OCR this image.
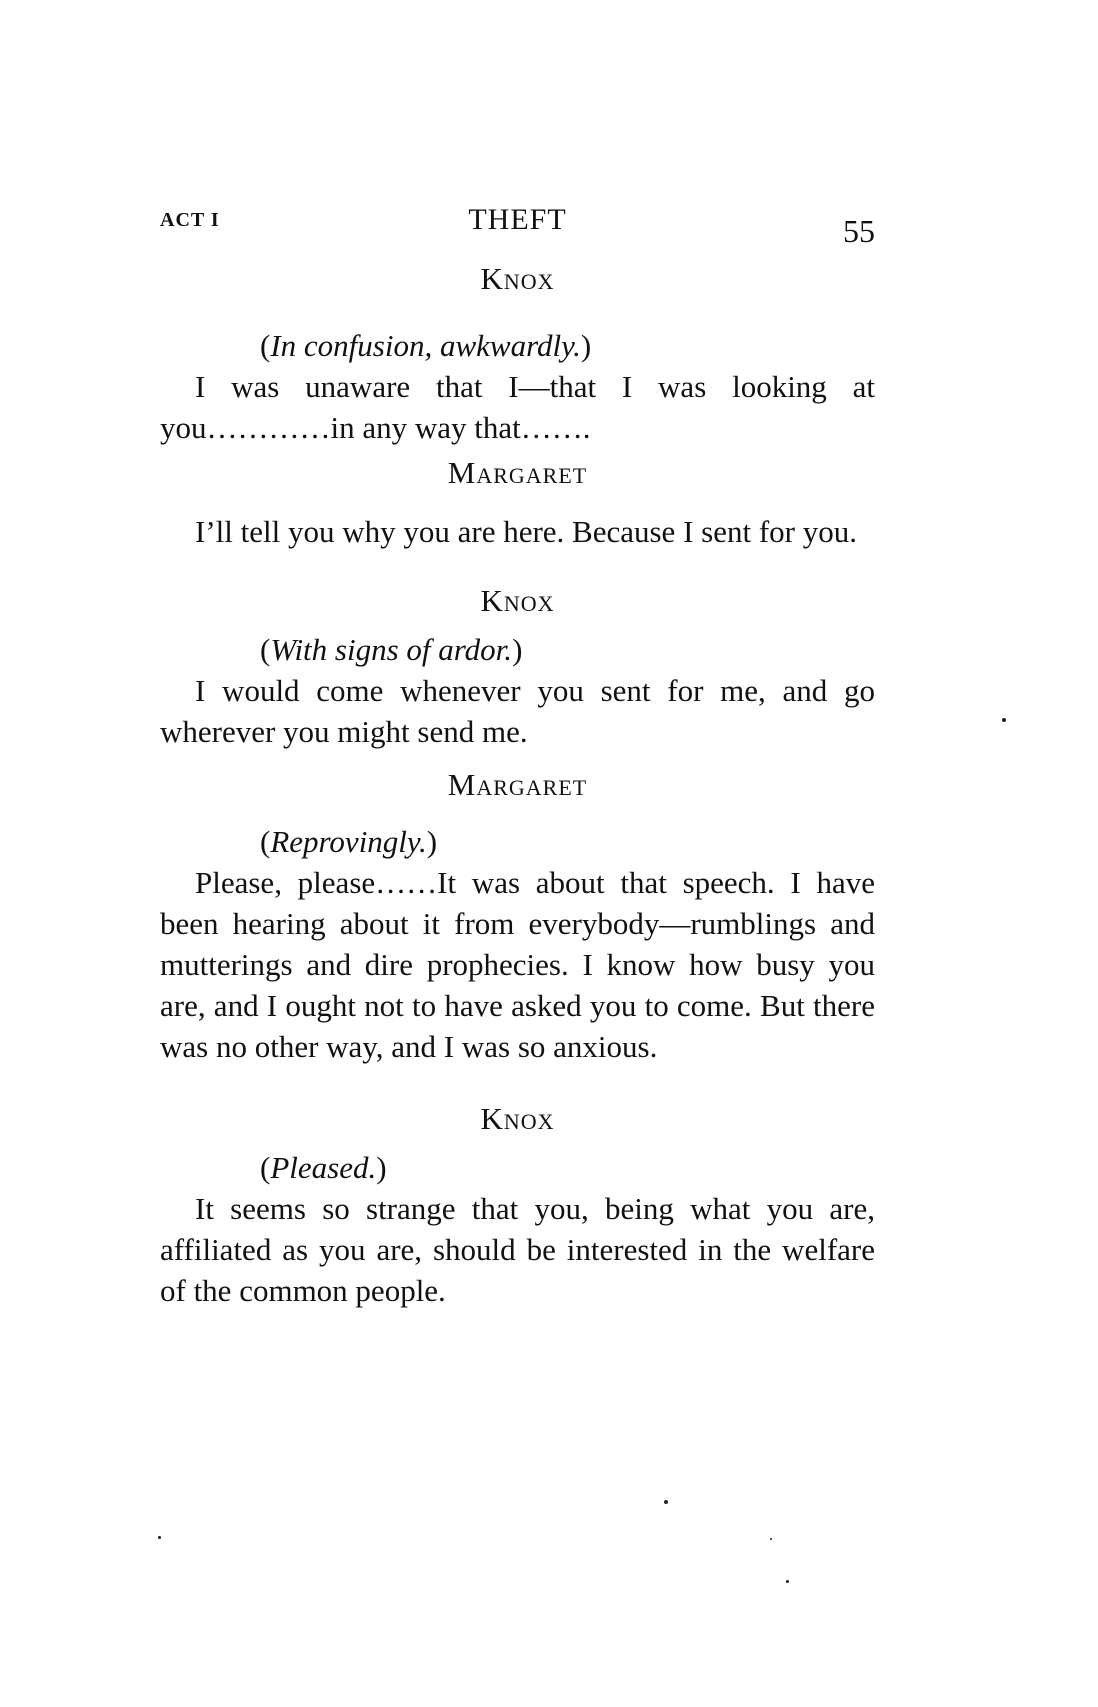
ACT I	THEFT	55
Knox
(In confusion, awkwardly.)
I was unaware that I—that I was looking at you…………in any way that…….
Margaret
I’ll tell you why you are here. Because I sent for you.
Knox
(With signs of ardor.)
I would come whenever you sent for me, and go wherever you might send me.
Margaret
(Reprovingly.)
Please, please……It was about that speech. I have been hearing about it from everybody—rumblings and mutterings and dire prophecies. I know how busy you are, and I ought not to have asked you to come. But there was no other way, and I was so anxious.
Knox
(Pleased.)
It seems so strange that you, being what you are, affiliated as you are, should be interested in the welfare of the common people.
